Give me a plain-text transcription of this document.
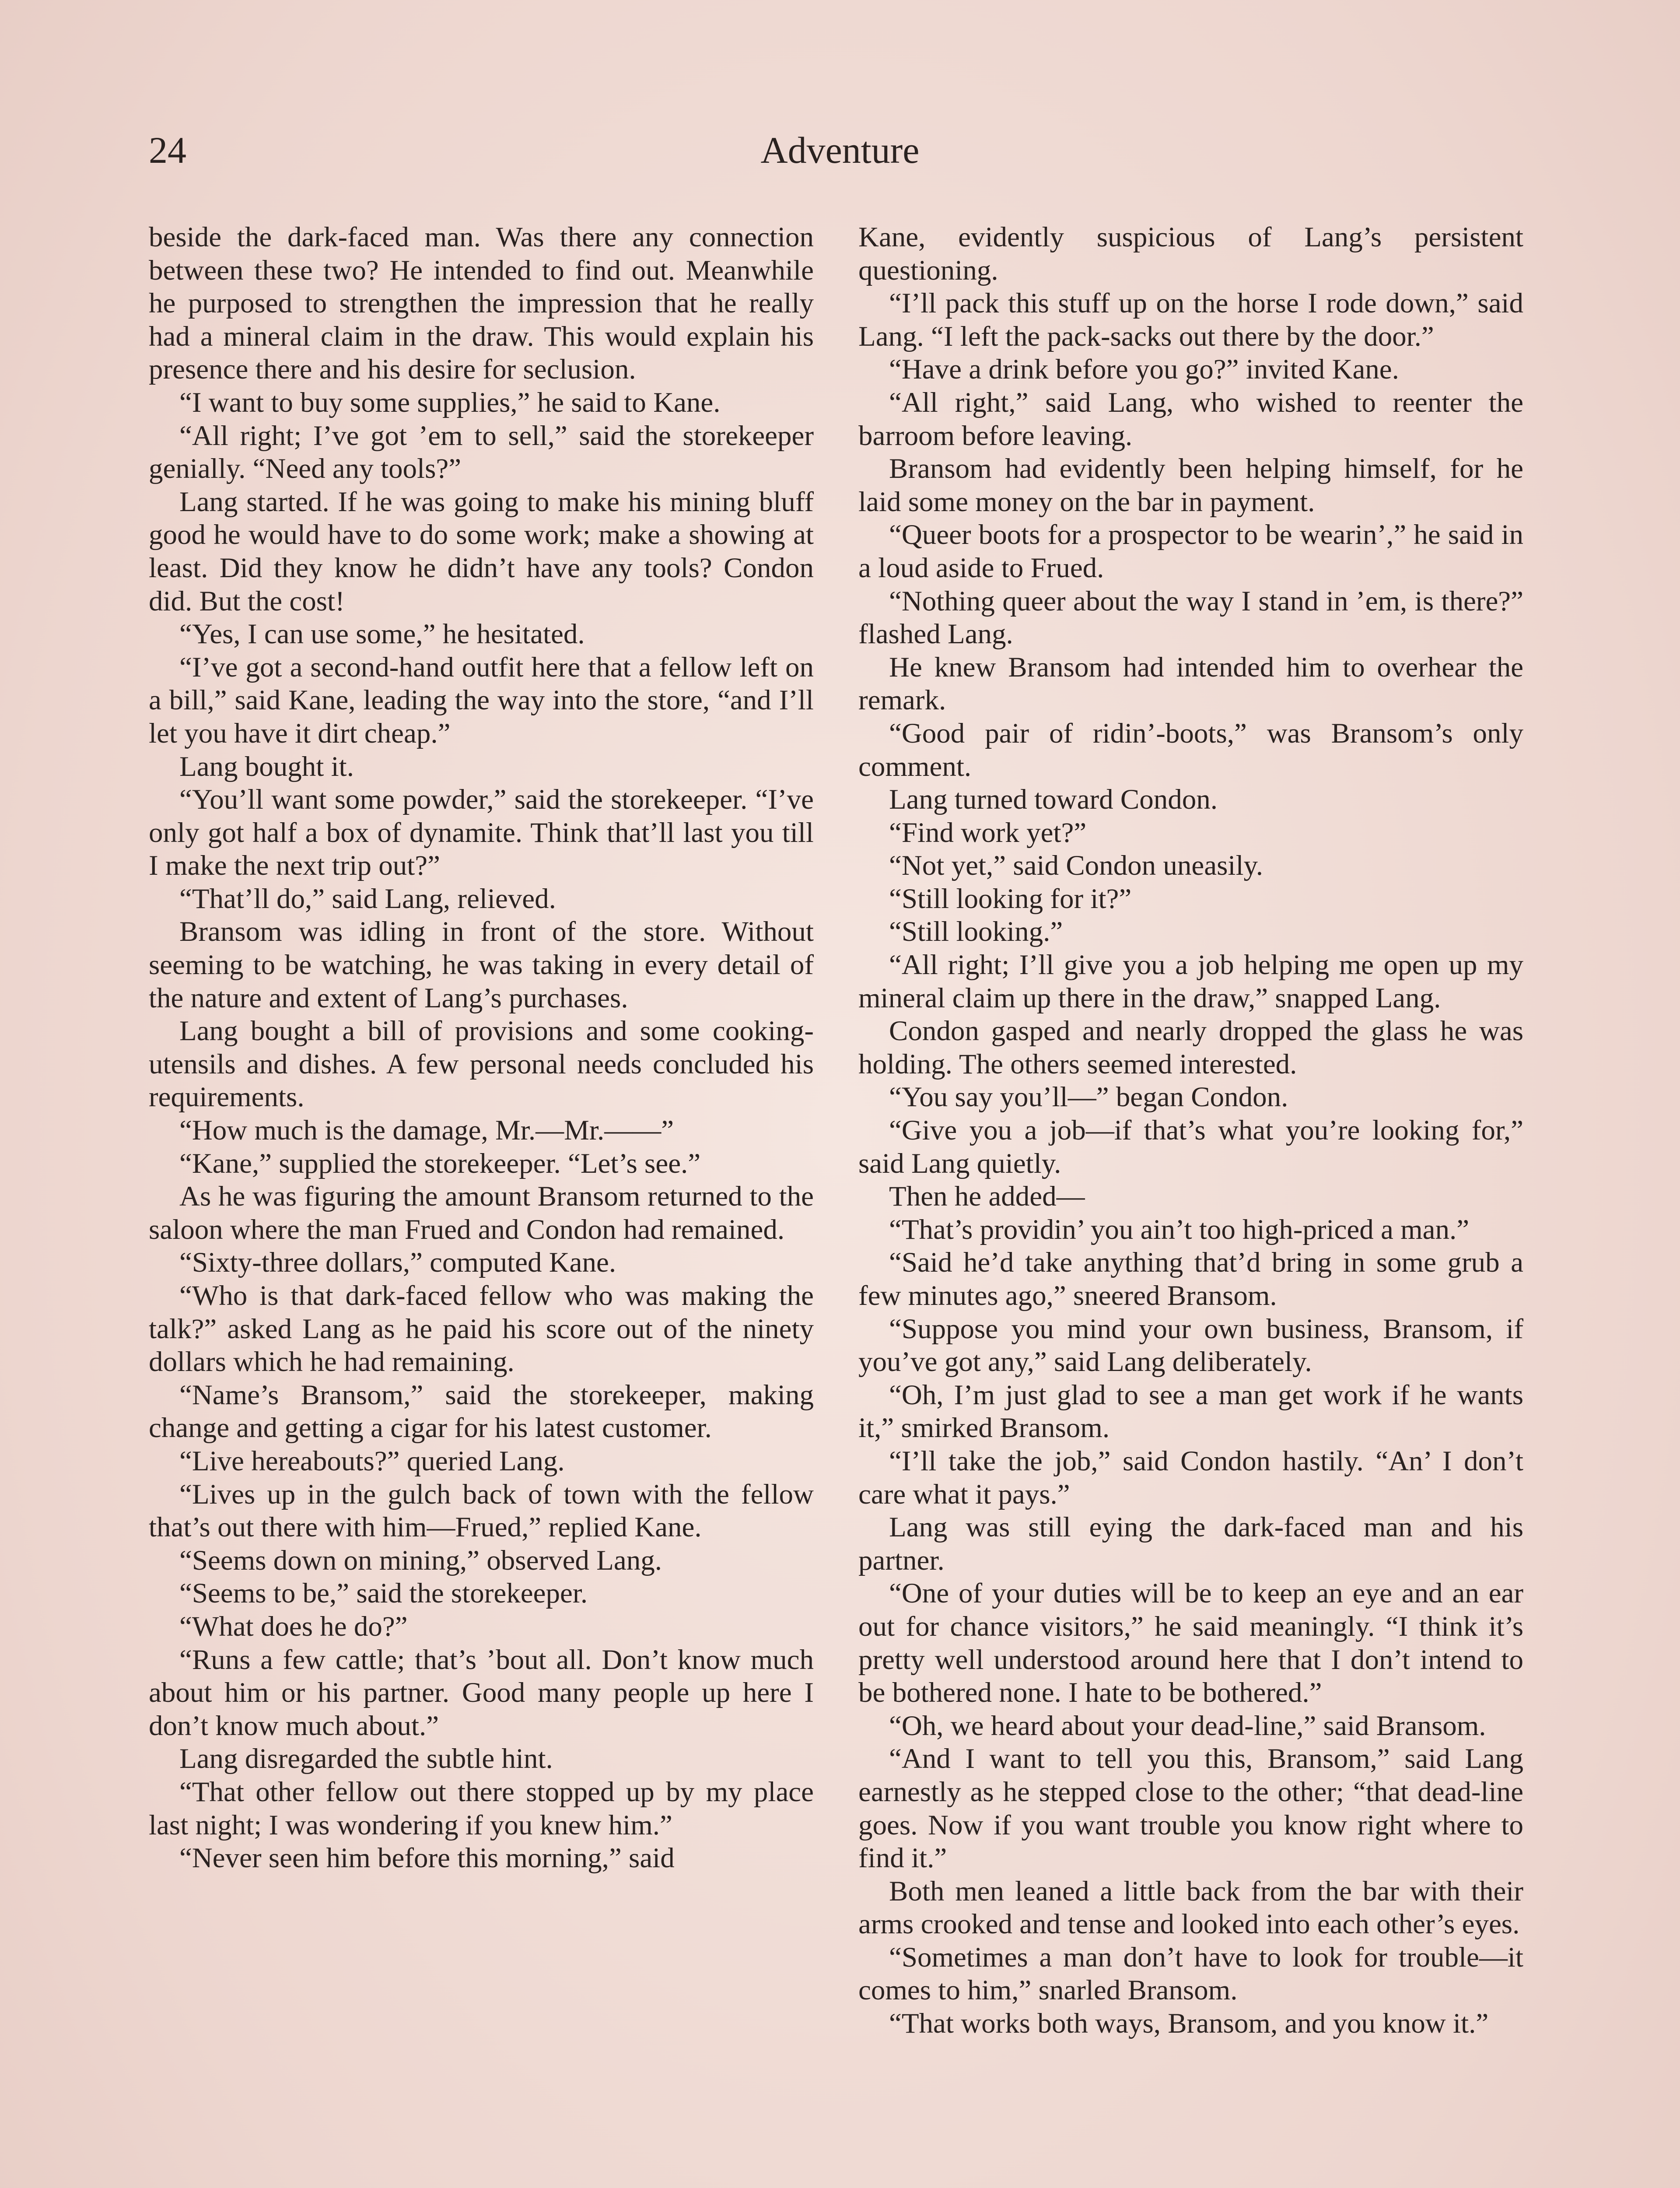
24	Adventure

beside the dark-faced man. Was there any connection between these two? He intended to find out. Meanwhile he purposed to strengthen the impression that he really had a mineral claim in the draw. This would explain his presence there and his desire for seclusion.

“I want to buy some supplies,” he said to Kane.

“All right; I’ve got ’em to sell,” said the storekeeper genially. “Need any tools?”

Lang started. If he was going to make his mining bluff good he would have to do some work; make a showing at least. Did they know he didn’t have any tools? Condon did. But the cost!

“Yes, I can use some,” he hesitated.

“I’ve got a second-hand outfit here that a fellow left on a bill,” said Kane, leading the way into the store, “and I’ll let you have it dirt cheap.”

Lang bought it.

“You’ll want some powder,” said the storekeeper. “I’ve only got half a box of dynamite. Think that’ll last you till I make the next trip out?”

“That’ll do,” said Lang, relieved.

Bransom was idling in front of the store. Without seeming to be watching, he was taking in every detail of the nature and extent of Lang’s purchases.

Lang bought a bill of provisions and some cooking-utensils and dishes. A few personal needs concluded his requirements.

“How much is the damage, Mr.—Mr.——”

“Kane,” supplied the storekeeper. “Let’s see.”

As he was figuring the amount Bransom returned to the saloon where the man Frued and Condon had remained.

“Sixty-three dollars,” computed Kane.

“Who is that dark-faced fellow who was making the talk?” asked Lang as he paid his score out of the ninety dollars which he had remaining.

“Name’s Bransom,” said the storekeeper, making change and getting a cigar for his latest customer.

“Live hereabouts?” queried Lang.

“Lives up in the gulch back of town with the fellow that’s out there with him—Frued,” replied Kane.

“Seems down on mining,” observed Lang.

“Seems to be,” said the storekeeper.

“What does he do?”

“Runs a few cattle; that’s ’bout all. Don’t know much about him or his partner. Good many people up here I don’t know much about.”

Lang disregarded the subtle hint.

“That other fellow out there stopped up by my place last night; I was wondering if you knew him.”

“Never seen him before this morning,” said

Kane, evidently suspicious of Lang’s persistent questioning.

“I’ll pack this stuff up on the horse I rode down,” said Lang. “I left the pack-sacks out there by the door.”

“Have a drink before you go?” invited Kane.

“All right,” said Lang, who wished to reenter the barroom before leaving.

Bransom had evidently been helping himself, for he laid some money on the bar in payment.

“Queer boots for a prospector to be wearin’,” he said in a loud aside to Frued.

“Nothing queer about the way I stand in ’em, is there?” flashed Lang.

He knew Bransom had intended him to overhear the remark.

“Good pair of ridin’-boots,” was Bransom’s only comment.

Lang turned toward Condon.

“Find work yet?”

“Not yet,” said Condon uneasily.

“Still looking for it?”

“Still looking.”

“All right; I’ll give you a job helping me open up my mineral claim up there in the draw,” snapped Lang.

Condon gasped and nearly dropped the glass he was holding. The others seemed interested.

“You say you’ll—” began Condon.

“Give you a job—if that’s what you’re looking for,” said Lang quietly.

Then he added—

“That’s providin’ you ain’t too high-priced a man.”

“Said he’d take anything that’d bring in some grub a few minutes ago,” sneered Bransom.

“Suppose you mind your own business, Bransom, if you’ve got any,” said Lang deliberately.

“Oh, I’m just glad to see a man get work if he wants it,” smirked Bransom.

“I’ll take the job,” said Condon hastily. “An’ I don’t care what it pays.”

Lang was still eying the dark-faced man and his partner.

“One of your duties will be to keep an eye and an ear out for chance visitors,” he said meaningly. “I think it’s pretty well understood around here that I don’t intend to be bothered none. I hate to be bothered.”

“Oh, we heard about your dead-line,” said Bransom.

“And I want to tell you this, Bransom,” said Lang earnestly as he stepped close to the other; “that dead-line goes. Now if you want trouble you know right where to find it.”

Both men leaned a little back from the bar with their arms crooked and tense and looked into each other’s eyes.

“Sometimes a man don’t have to look for trouble—it comes to him,” snarled Bransom.

“That works both ways, Bransom, and you know it.”
